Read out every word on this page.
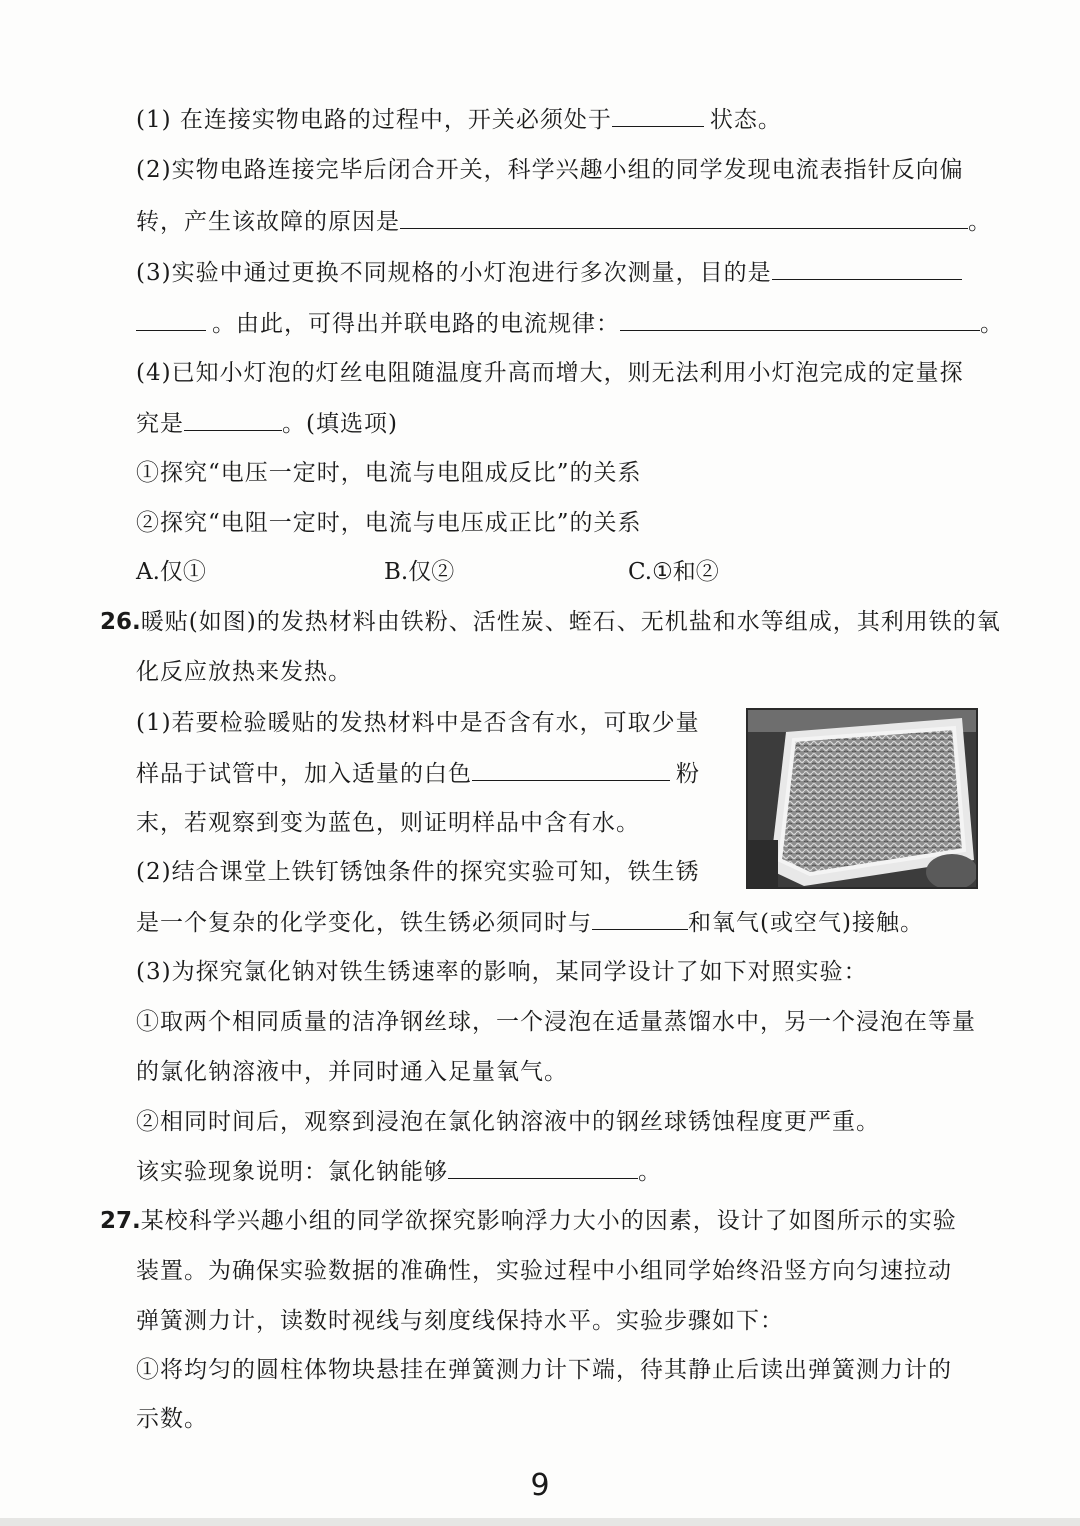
(1) 在连接实物电路的过程中，开关必须处于	状态。
(2)实物电路连接完毕后闭合开关，科学兴趣小组的同学发现电流表指针反向偏
转，产生该故障的原因是	。
(3)实验中通过更换不同规格的小灯泡进行多次测量，目的是
。由此，可得出并联电路的电流规律：	。
(4)已知小灯泡的灯丝电阻随温度升高而增大，则无法利用小灯泡完成的定量探
究是	。(填选项)
①探究“电压一定时，电流与电阻成反比”的关系
②探究“电阻一定时，电流与电压成正比”的关系
A.仅①	B.仅②	C.①和②
26.暖贴(如图)的发热材料由铁粉、活性炭、蛭石、无机盐和水等组成，其利用铁的氧
化反应放热来发热。
(1)若要检验暖贴的发热材料中是否含有水，可取少量
样品于试管中，加入适量的白色	粉
末，若观察到变为蓝色，则证明样品中含有水。
(2)结合课堂上铁钉锈蚀条件的探究实验可知，铁生锈
是一个复杂的化学变化，铁生锈必须同时与	和氧气(或空气)接触。
(3)为探究氯化钠对铁生锈速率的影响，某同学设计了如下对照实验：
①取两个相同质量的洁净钢丝球，一个浸泡在适量蒸馏水中，另一个浸泡在等量
的氯化钠溶液中，并同时通入足量氧气。
②相同时间后，观察到浸泡在氯化钠溶液中的钢丝球锈蚀程度更严重。
该实验现象说明：氯化钠能够	。
27.某校科学兴趣小组的同学欲探究影响浮力大小的因素，设计了如图所示的实验
装置。为确保实验数据的准确性，实验过程中小组同学始终沿竖方向匀速拉动
弹簧测力计，读数时视线与刻度线保持水平。实验步骤如下：
①将均匀的圆柱体物块悬挂在弹簧测力计下端，待其静止后读出弹簧测力计的
示数。
9
